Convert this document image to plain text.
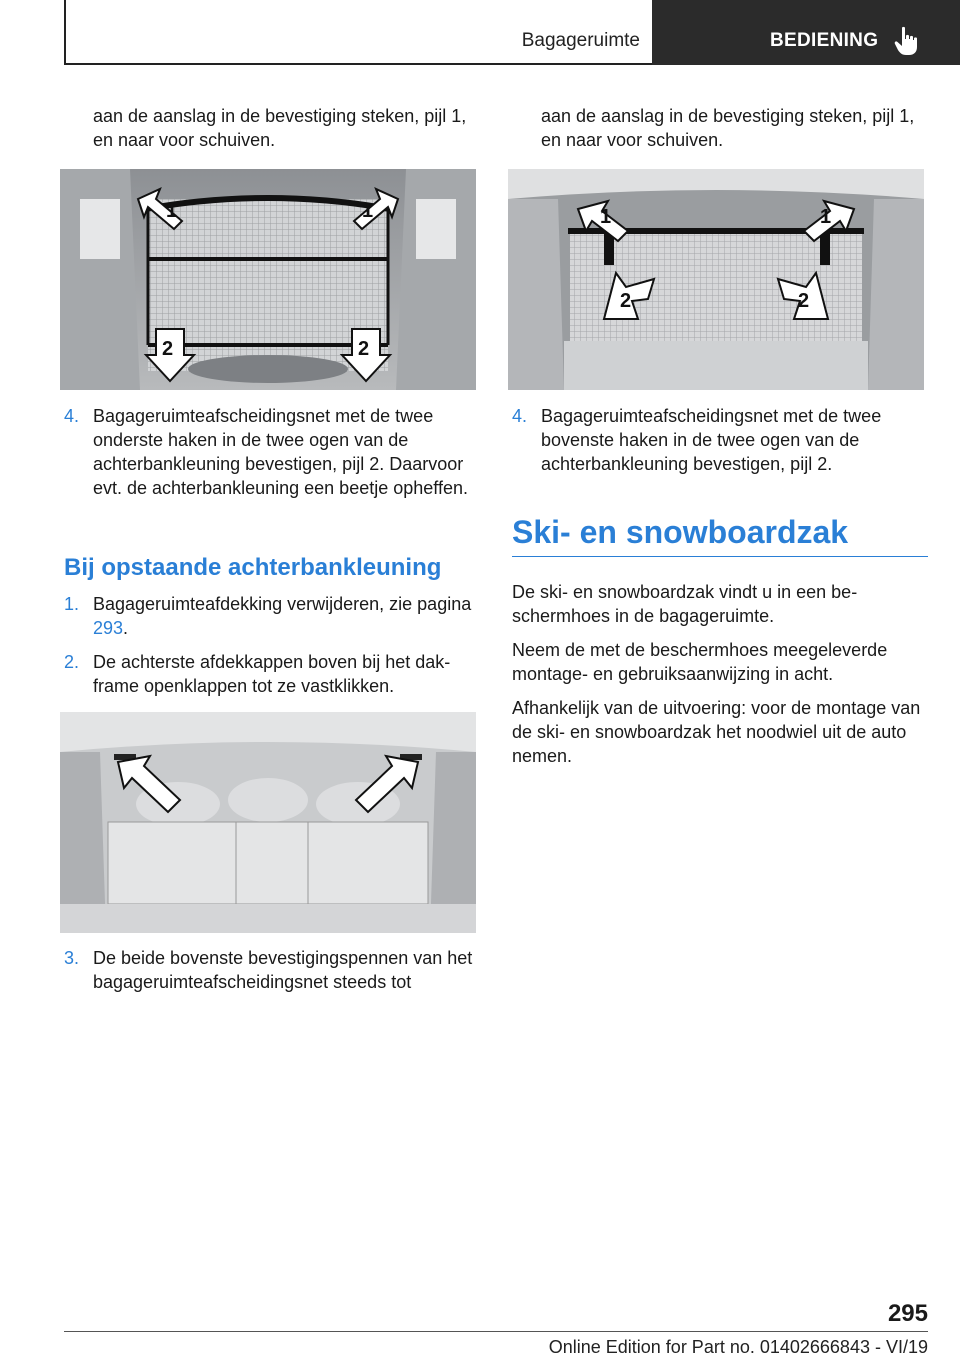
Bagageruimte	BEDIENING

aan de aanslag in de bevestiging steken, pijl 1, en naar voor schuiven.

1	1
2	2
4. Bagageruimteafscheidingsnet met de twee onderste haken in de twee ogen van de achterbankleuning bevestigen, pijl 2. Daarvoor evt. de achterbankleuning een beetje opheffen.
Bij opstaande achterbankleuning
1. Bagageruimteafdekking verwijderen, zie pagina 293.
2. De achterste afdekkappen boven bij het dakframe openklappen tot ze vastklikken.
3. De beide bovenste bevestigingspennen van het bagageruimteafscheidingsnet steeds tot

aan de aanslag in de bevestiging steken, pijl 1, en naar voor schuiven.

1	1
2	2
4. Bagageruimteafscheidingsnet met de twee bovenste haken in de twee ogen van de achterbankleuning bevestigen, pijl 2.
Ski- en snowboardzak

De ski- en snowboardzak vindt u in een beschermhoes in de bagageruimte.

Neem de met de beschermhoes meegeleverde montage- en gebruiksaanwijzing in acht.

Afhankelijk van de uitvoering: voor de montage van de ski- en snowboardzak het noodwiel uit de auto nemen.

295
Online Edition for Part no. 01402666843 - VI/19
